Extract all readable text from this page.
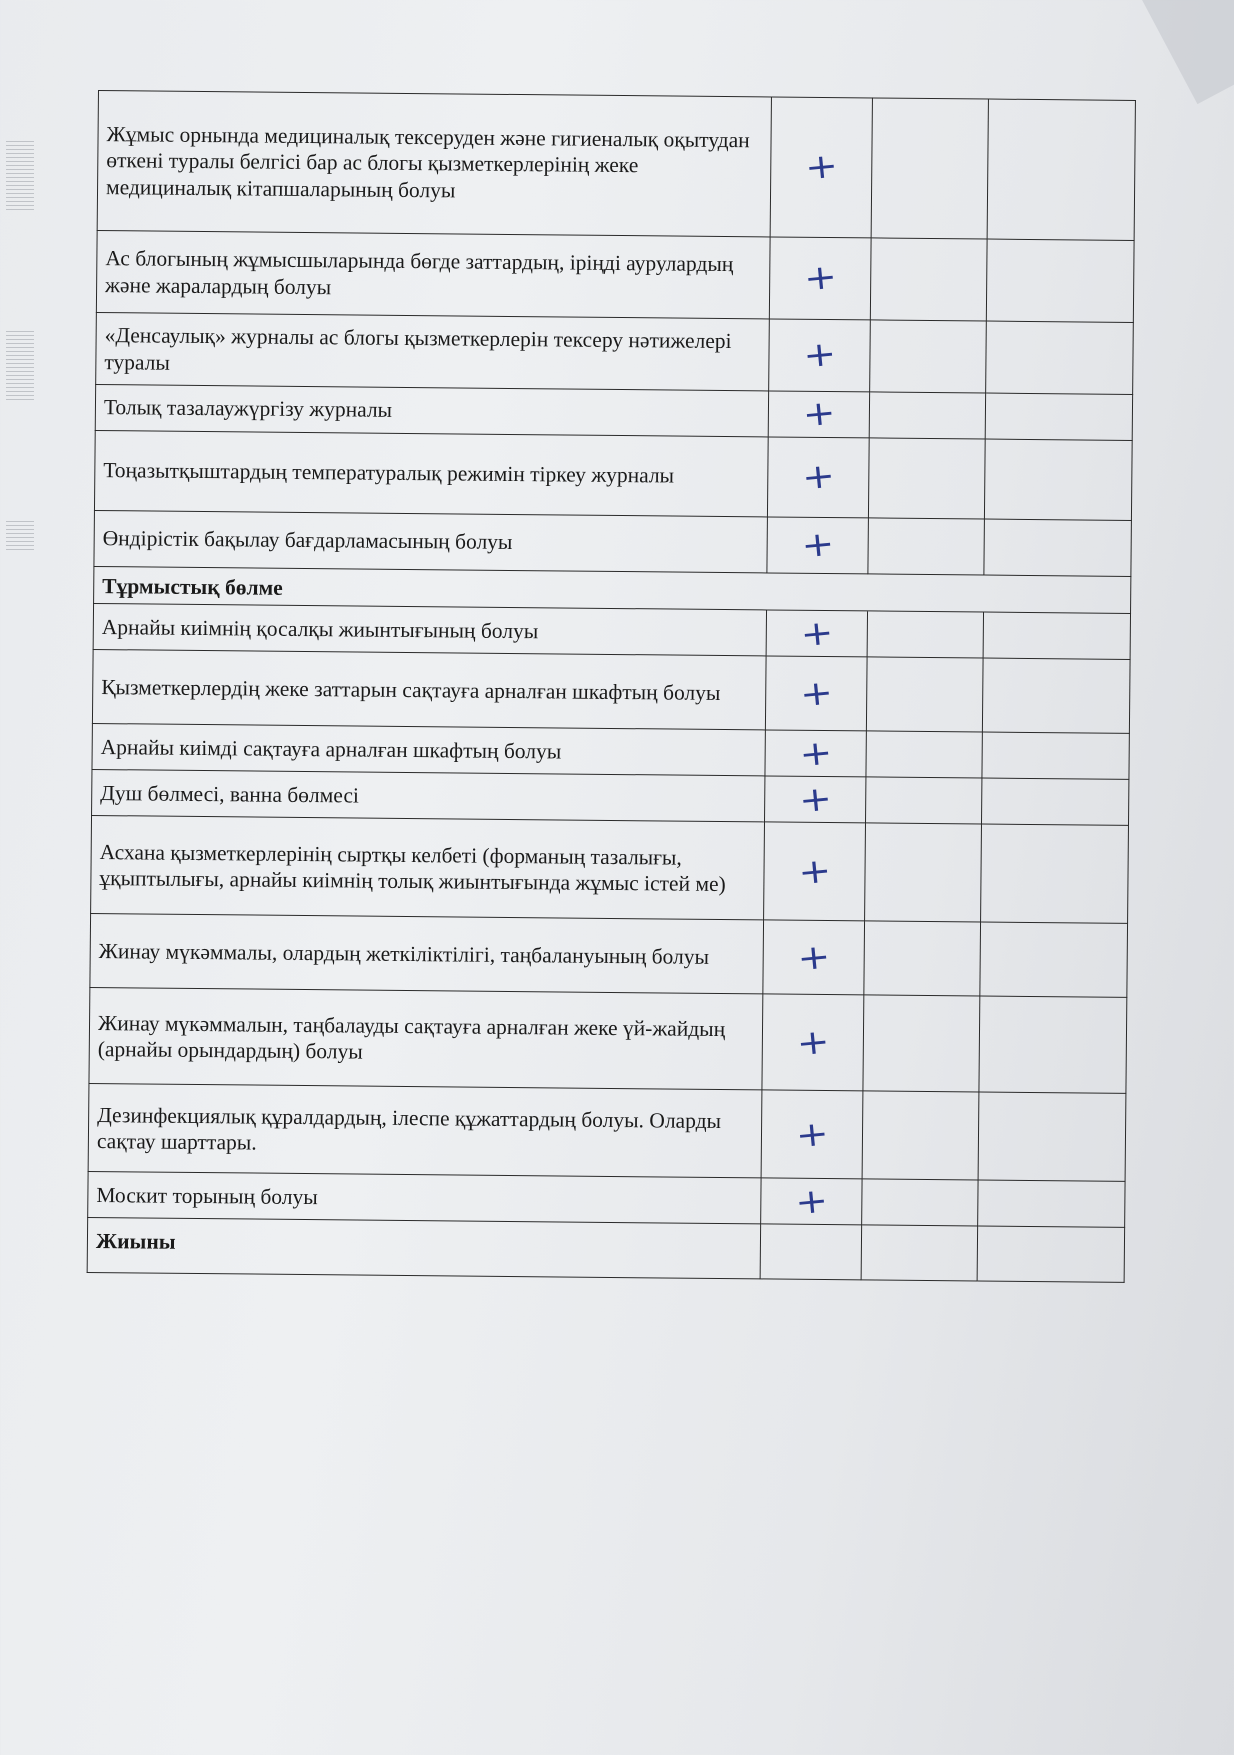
Жұмыс орнында медициналық тексеруден және гигиеналық оқытудан өткені туралы белгісі бар ас блогы қызметкерлерінің жеке медициналық кітапшаларының болуы	+		
Ас блогының жұмысшыларында бөгде заттардың, іріңді аурулардың және жаралардың болуы	+		
«Денсаулық» журналы ас блогы қызметкерлерін тексеру нәтижелері туралы	+		
Толық тазалаужүргізу журналы	+		
Тоңазытқыштардың температуралық режимін тіркеу журналы	+		
Өндірістік бақылау бағдарламасының болуы	+		
Тұрмыстық бөлме			
Арнайы киімнің қосалқы жиынтығының болуы	+		
Қызметкерлердің жеке заттарын сақтауға арналған шкафтың болуы	+		
Арнайы киімді сақтауға арналған шкафтың болуы	+		
Душ бөлмесі, ванна бөлмесі	+		
Асхана қызметкерлерінің сыртқы келбеті (форманың тазалығы, ұқыптылығы, арнайы киімнің толық жиынтығында жұмыс істей ме)	+		
Жинау мүкәммалы, олардың жеткіліктілігі, таңбалануының болуы	+		
Жинау мүкәммалын, таңбалауды сақтауға арналған жеке үй-жайдың (арнайы орындардың) болуы	+		
Дезинфекциялық құралдардың, ілеспе құжаттардың болуы. Оларды сақтау шарттары.	+		
Москит торының болуы	+		
Жиыны			
